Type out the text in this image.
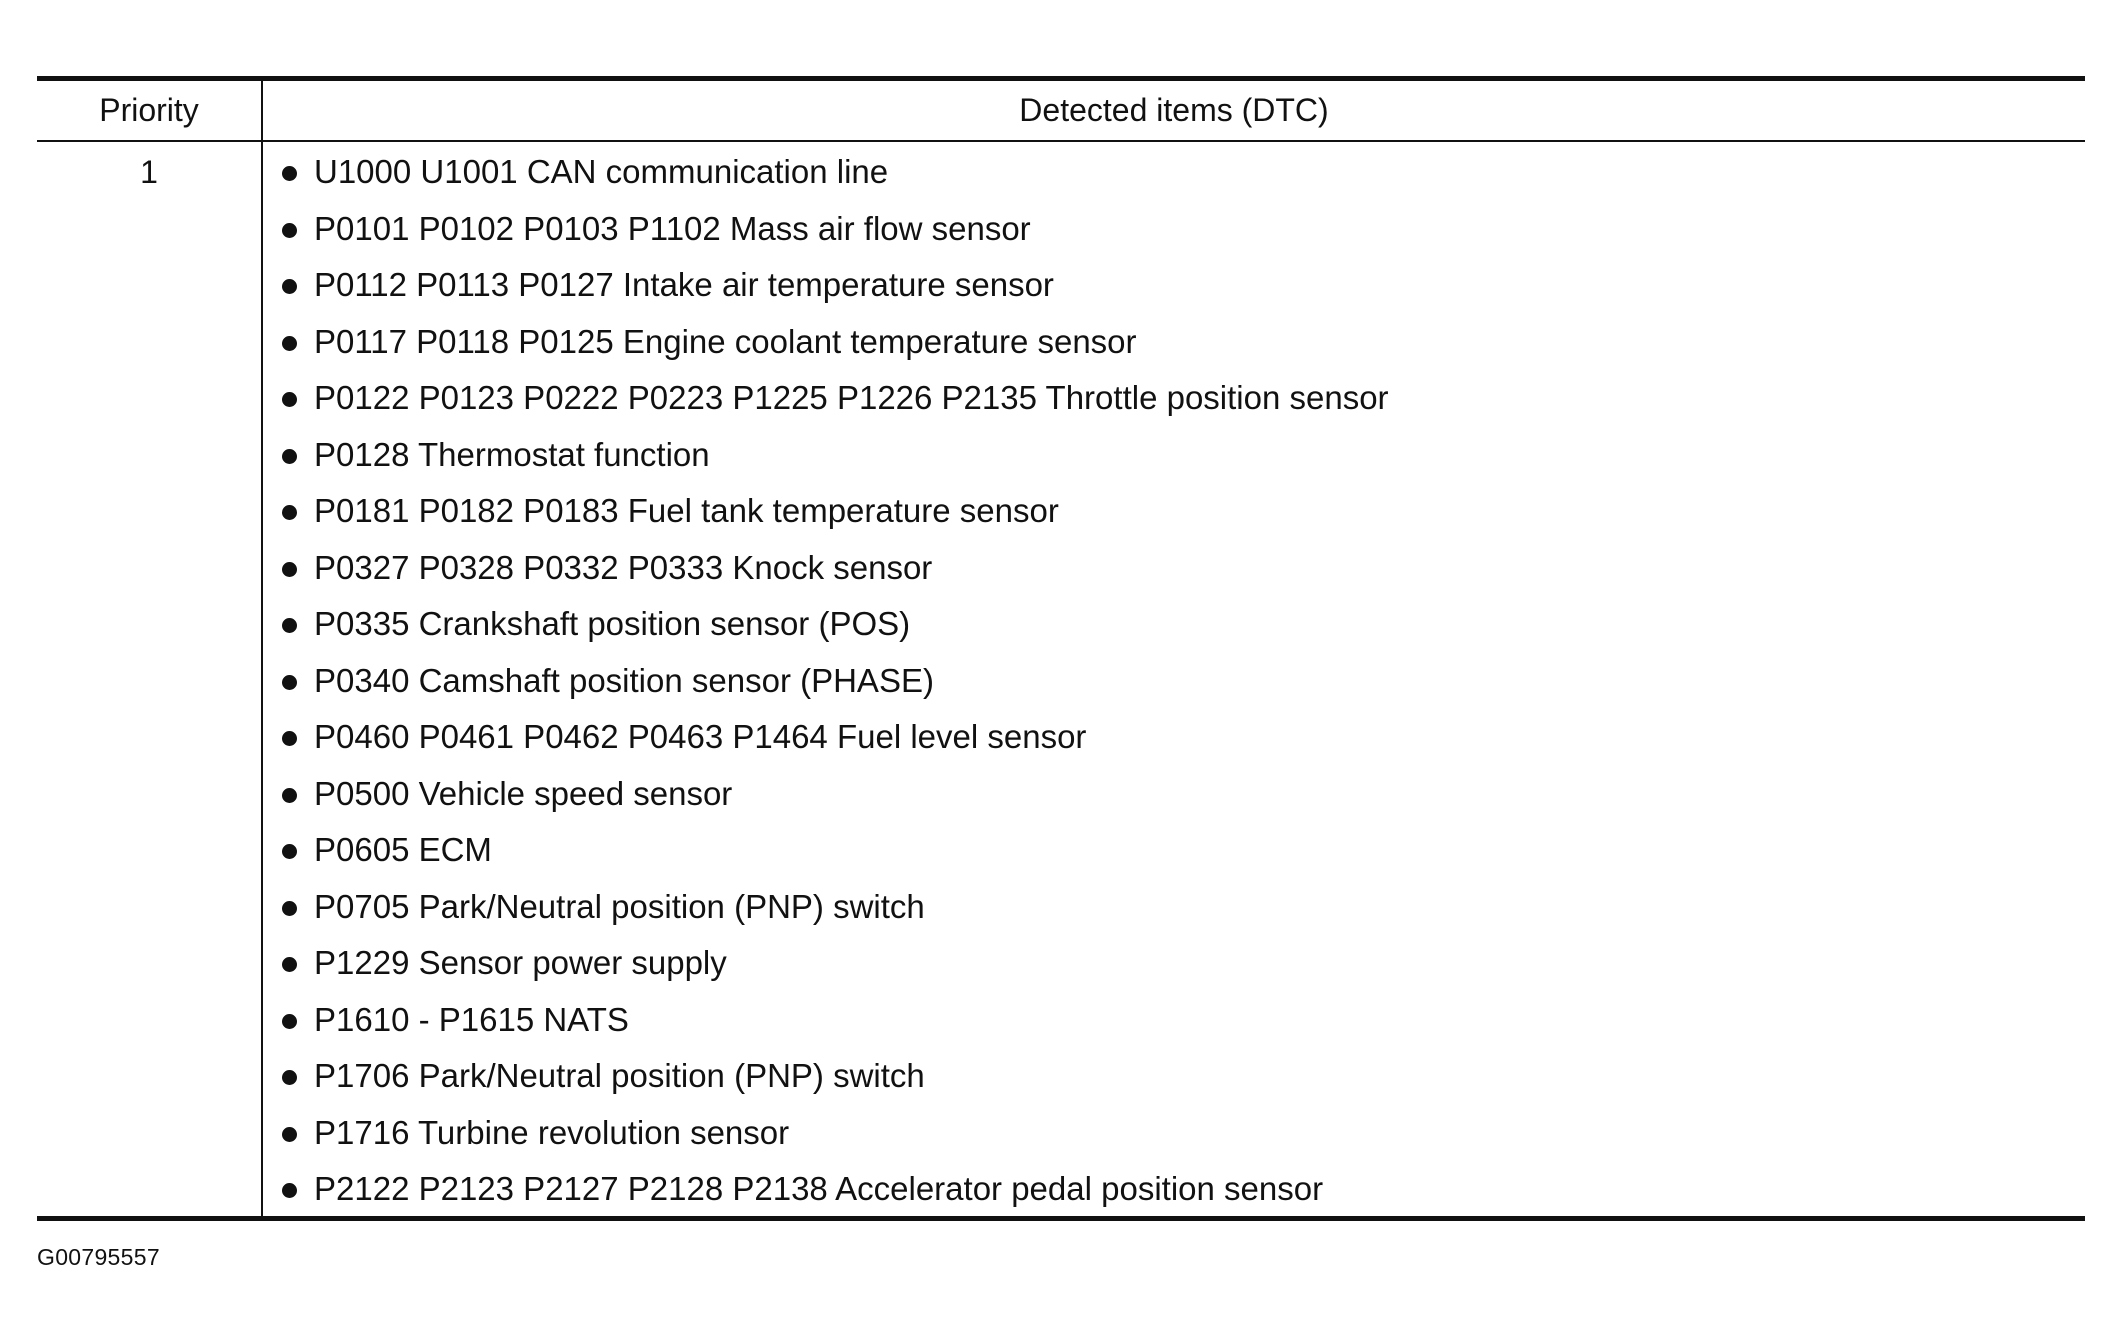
Priority	Detected items (DTC)
1	U1000 U1001 CAN communication line
P0101 P0102 P0103 P1102 Mass air flow sensor
P0112 P0113 P0127 Intake air temperature sensor
P0117 P0118 P0125 Engine coolant temperature sensor
P0122 P0123 P0222 P0223 P1225 P1226 P2135 Throttle position sensor
P0128 Thermostat function
P0181 P0182 P0183 Fuel tank temperature sensor
P0327 P0328 P0332 P0333 Knock sensor
P0335 Crankshaft position sensor (POS)
P0340 Camshaft position sensor (PHASE)
P0460 P0461 P0462 P0463 P1464 Fuel level sensor
P0500 Vehicle speed sensor
P0605 ECM
P0705 Park/Neutral position (PNP) switch
P1229 Sensor power supply
P1610 - P1615 NATS
P1706 Park/Neutral position (PNP) switch
P1716 Turbine revolution sensor
P2122 P2123 P2127 P2128 P2138 Accelerator pedal position sensor
G00795557
